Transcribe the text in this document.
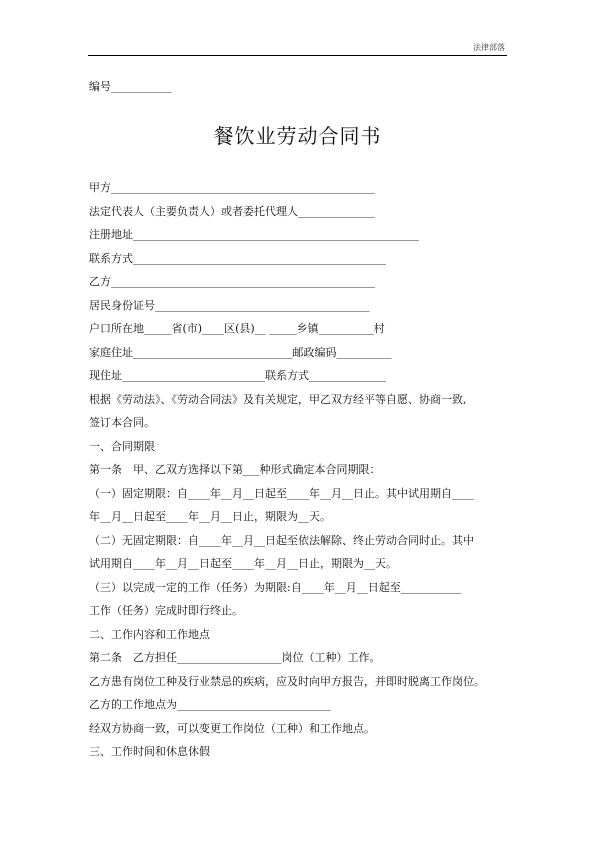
法律部落
编号___________
餐饮业劳动合同书
甲方________________________________________________
法定代表人（主要负责人）或者委托代理人______________
注册地址____________________________________________________
联系方式______________________________________________
乙方________________________________________________
居民身份证号_______________________________________
户口所在地_____省(市)____区(县)__ _____乡镇__________村
家庭住址_____________________________邮政编码__________
现住址__________________________联系方式______________
根据《劳动法》、《劳动合同法》及有关规定，甲乙双方经平等自愿、协商一致,
签订本合同。
一、合同期限
第一条　甲、乙双方选择以下第___种形式确定本合同期限：
（一）固定期限：自____年__月__日起至____年__月__日止。其中试用期自____
年__月__日起至____年__月__日止，期限为__天。
（二）无固定期限：自____年__月__日起至依法解除、终止劳动合同时止。其中
试用期自____年__月__日起至____年__月__日止，期限为__天。
（三）以完成一定的工作（任务）为期限:自____年__月__日起至___________
工作（任务）完成时即行终止。
二、工作内容和工作地点
第二条　乙方担任___________________岗位（工种）工作。
乙方患有岗位工种及行业禁忌的疾病，应及时向甲方报告，并即时脱离工作岗位。
乙方的工作地点为____________________________
经双方协商一致，可以变更工作岗位（工种）和工作地点。
三、工作时间和休息休假
